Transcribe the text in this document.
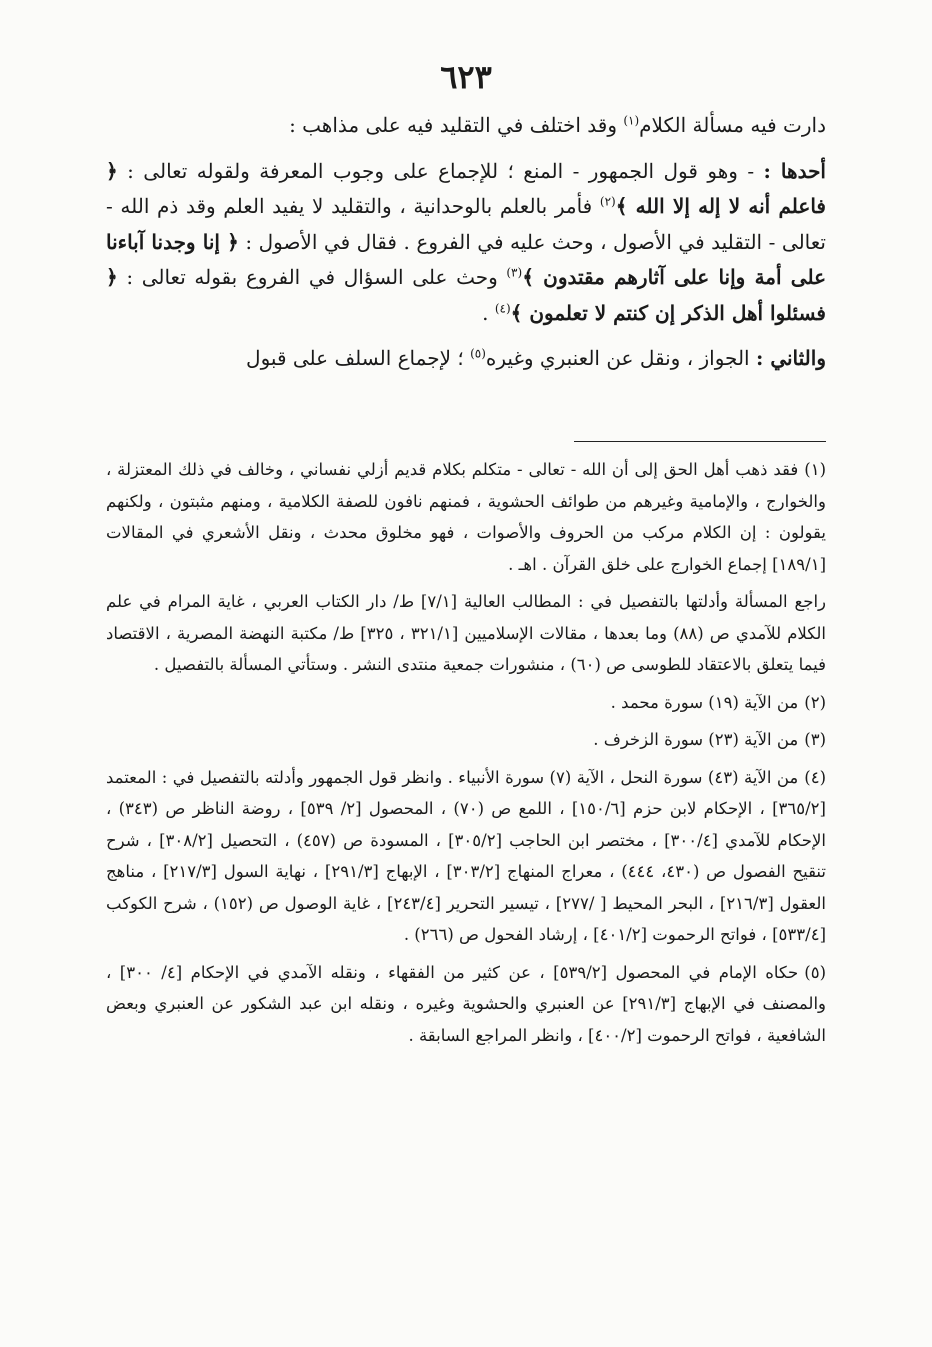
٦٢٣

دارت فيه مسألة الكلام$^{(١)}$ وقد اختلف في التقليد فيه على مذاهب :

أحدها : - وهو قول الجمهور - المنع ؛ للإجماع على وجوب المعرفة ولقوله تعالى : ﴿ فاعلم أنه لا إله إلا الله ﴾$^{(٢)}$ فأمر بالعلم بالوحدانية ، والتقليد لا يفيد العلم وقد ذم الله - تعالى - التقليد في الأصول ، وحث عليه في الفروع . فقال في الأصول : ﴿ إنا وجدنا آباءنا على أمة وإنا على آثارهم مقتدون ﴾$^{(٣)}$ وحث على السؤال في الفروع بقوله تعالى : ﴿ فسئلوا أهل الذكر إن كنتم لا تعلمون ﴾$^{(٤)}$ .

والثاني : الجواز ، ونقل عن العنبري وغيره$^{(٥)}$ ؛ لإجماع السلف على قبول

(١)فقد ذهب أهل الحق إلى أن الله - تعالى - متكلم بكلام قديم أزلي نفساني ، وخالف في ذلك المعتزلة ، والخوارج ، والإمامية وغيرهم من طوائف الحشوية ، فمنهم نافون للصفة الكلامية ، ومنهم مثبتون ، ولكنهم يقولون : إن الكلام مركب من الحروف والأصوات ، فهو مخلوق محدث ، ونقل الأشعري في المقالات [١٨٩/١] إجماع الخوارج على خلق القرآن . اهـ .
راجع المسألة وأدلتها بالتفصيل في : المطالب العالية [٧/١] ط/ دار الكتاب العربي ، غاية المرام في علم الكلام للآمدي ص (٨٨) وما بعدها ، مقالات الإسلاميين [٣٢١/١ ، ٣٢٥] ط/ مكتبة النهضة المصرية ، الاقتصاد فيما يتعلق بالاعتقاد للطوسى ص (٦٠) ، منشورات جمعية منتدى النشر . وستأتي المسألة بالتفصيل .
(٢)من الآية (١٩) سورة محمد .
(٣)من الآية (٢٣) سورة الزخرف .
(٤)من الآية (٤٣) سورة النحل ، الآية (٧) سورة الأنبياء . وانظر قول الجمهور وأدلته بالتفصيل في : المعتمد [٣٦٥/٢] ، الإحكام لابن حزم [١٥٠/٦] ، اللمع ص (٧٠) ، المحصول [٢/ ٥٣٩] ، روضة الناظر ص (٣٤٣) ، الإحكام للآمدي [٣٠٠/٤] ، مختصر ابن الحاجب [٣٠٥/٢] ، المسودة ص (٤٥٧) ، التحصيل [٣٠٨/٢] ، شرح تنقيح الفصول ص (٤٣٠، ٤٤٤) ، معراج المنهاج [٣٠٣/٢] ، الإبهاج [٢٩١/٣] ، نهاية السول [٢١٧/٣] ، مناهج العقول [٢١٦/٣] ، البحر المحيط [ /٢٧٧] ، تيسير التحرير [٢٤٣/٤] ، غاية الوصول ص (١٥٢) ، شرح الكوكب [٥٣٣/٤] ، فواتح الرحموت [٤٠١/٢] ، إرشاد الفحول ص (٢٦٦) .
(٥)حكاه الإمام في المحصول [٥٣٩/٢] ، عن كثير من الفقهاء ، ونقله الآمدي في الإحكام [٤/ ٣٠٠] ، والمصنف في الإبهاج [٢٩١/٣] عن العنبري والحشوية وغيره ، ونقله ابن عبد الشكور عن العنبري وبعض الشافعية ، فواتح الرحموت [٤٠٠/٢] ، وانظر المراجع السابقة .
